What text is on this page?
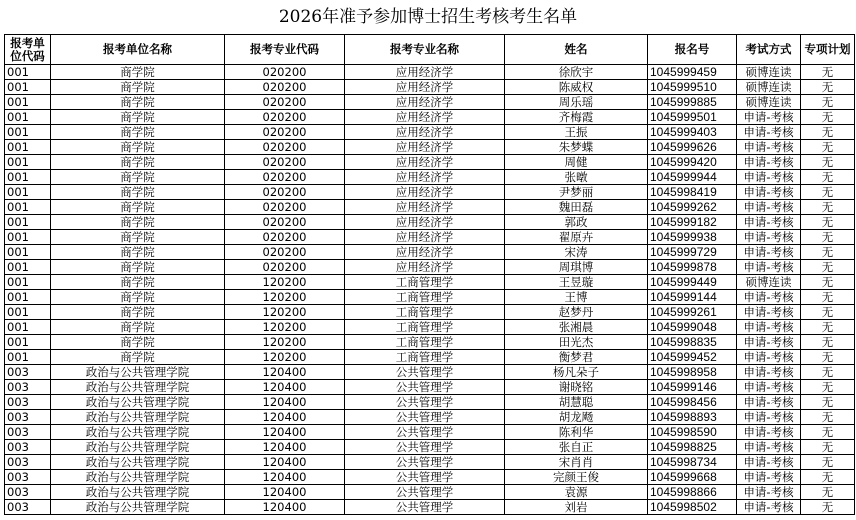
2026年准予参加博士招生考核考生名单
报考单位代码	报考单位名称	报考专业代码	报考专业名称	姓名	报名号	考试方式	专项计划
001	商学院	020200	应用经济学	徐欣宇	1045999459	硕博连读	无
001	商学院	020200	应用经济学	陈威权	1045999510	硕博连读	无
001	商学院	020200	应用经济学	周乐瑶	1045999885	硕博连读	无
001	商学院	020200	应用经济学	齐梅霞	1045999501	申请-考核	无
001	商学院	020200	应用经济学	王振	1045999403	申请-考核	无
001	商学院	020200	应用经济学	朱梦蝶	1045999626	申请-考核	无
001	商学院	020200	应用经济学	周健	1045999420	申请-考核	无
001	商学院	020200	应用经济学	张暾	1045999944	申请-考核	无
001	商学院	020200	应用经济学	尹梦丽	1045998419	申请-考核	无
001	商学院	020200	应用经济学	魏田磊	1045999262	申请-考核	无
001	商学院	020200	应用经济学	郭政	1045999182	申请-考核	无
001	商学院	020200	应用经济学	翟原卉	1045999938	申请-考核	无
001	商学院	020200	应用经济学	宋涛	1045999729	申请-考核	无
001	商学院	020200	应用经济学	周琪博	1045999878	申请-考核	无
001	商学院	120200	工商管理学	王昱璇	1045999449	硕博连读	无
001	商学院	120200	工商管理学	王博	1045999144	申请-考核	无
001	商学院	120200	工商管理学	赵梦丹	1045999261	申请-考核	无
001	商学院	120200	工商管理学	张湘晨	1045999048	申请-考核	无
001	商学院	120200	工商管理学	田光杰	1045998835	申请-考核	无
001	商学院	120200	工商管理学	衡梦君	1045999452	申请-考核	无
003	政治与公共管理学院	120400	公共管理学	杨凡朵子	1045998958	申请-考核	无
003	政治与公共管理学院	120400	公共管理学	谢晓铭	1045999146	申请-考核	无
003	政治与公共管理学院	120400	公共管理学	胡慧聪	1045998456	申请-考核	无
003	政治与公共管理学院	120400	公共管理学	胡龙飏	1045998893	申请-考核	无
003	政治与公共管理学院	120400	公共管理学	陈利华	1045998590	申请-考核	无
003	政治与公共管理学院	120400	公共管理学	张自正	1045998825	申请-考核	无
003	政治与公共管理学院	120400	公共管理学	宋肖肖	1045998734	申请-考核	无
003	政治与公共管理学院	120400	公共管理学	完颜王俊	1045999668	申请-考核	无
003	政治与公共管理学院	120400	公共管理学	袁源	1045998866	申请-考核	无
003	政治与公共管理学院	120400	公共管理学	刘岩	1045998502	申请-考核	无
